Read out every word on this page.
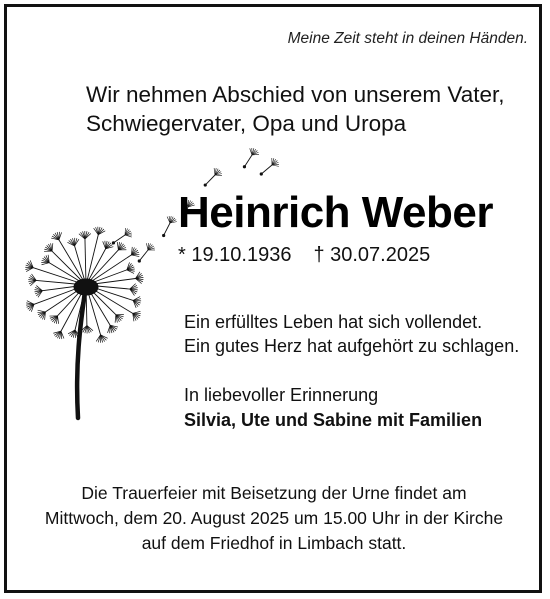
Meine Zeit steht in deinen Händen.
Wir nehmen Abschied von unserem Vater,
Schwiegervater, Opa und Uropa
Heinrich Weber
* 19.10.1936 † 30.07.2025
Ein erfülltes Leben hat sich vollendet.
Ein gutes Herz hat aufgehört zu schlagen.
In liebevoller Erinnerung
Silvia, Ute und Sabine mit Familien
Die Trauerfeier mit Beisetzung der Urne findet am
Mittwoch, dem 20. August 2025 um 15.00 Uhr in der Kirche
auf dem Friedhof in Limbach statt.
